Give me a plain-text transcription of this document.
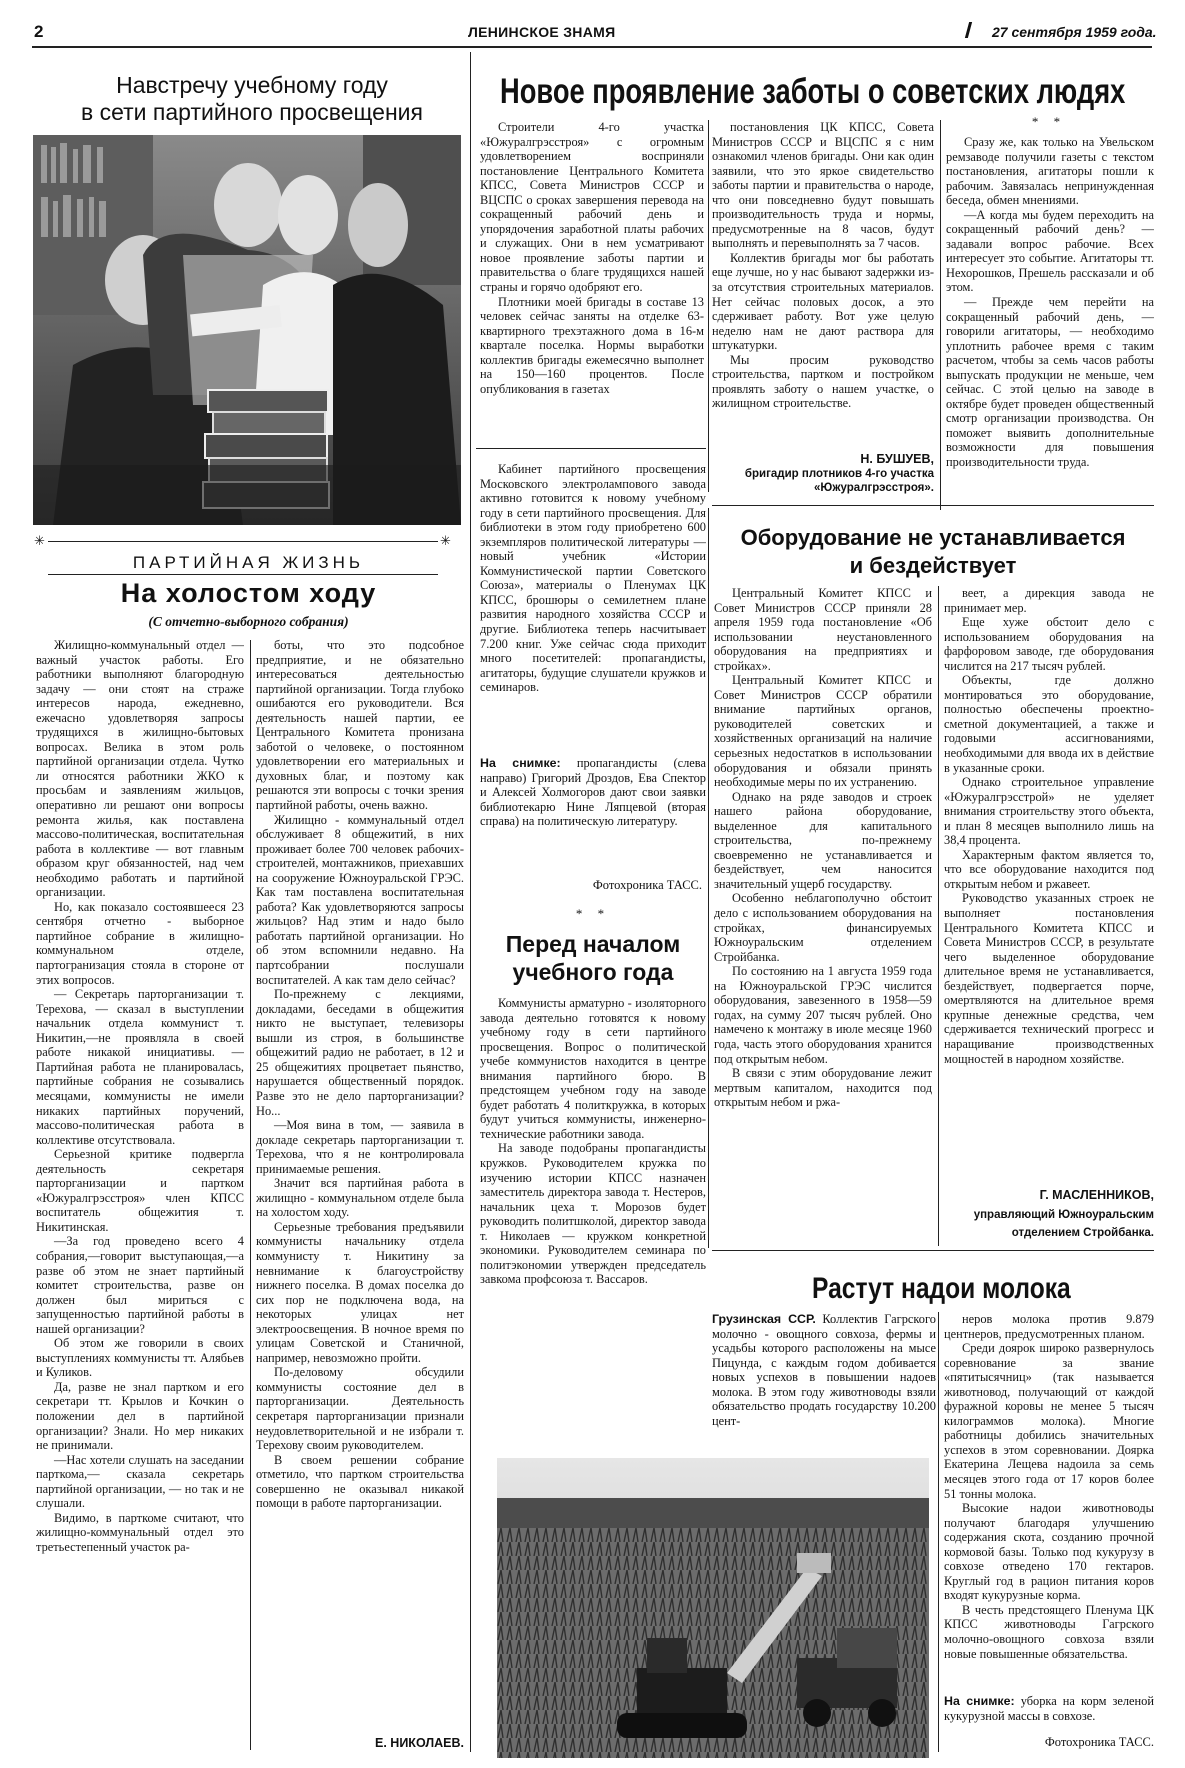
2	ЛЕНИНСКОЕ ЗНАМЯ	27 сентября 1959 года.
Навстречу учебному году
в сети партийного просвещения
✳	✳
ПАРТИЙНАЯ ЖИЗНЬ
На холостом ходу
(С отчетно-выборного собрания)

Жилищно-коммунальный отдел — важный участок работы. Его работники выполняют благородную задачу — они стоят на страже интересов народа, ежедневно, ежечасно удовлетворяя запросы трудящихся в жилищно-бытовых вопросах. Велика в этом роль партийной организации отдела. Чутко ли относятся работники ЖКО к просьбам и заявлениям жильцов, оперативно ли решают они вопросы ремонта жилья, как поставлена массово-политическая, воспитательная работа в коллективе — вот главным образом круг обязанностей, над чем необходимо работать и партийной организации.

Но, как показало состоявшееся 23 сентября отчетно - выборное партийное собрание в жилищно-коммунальном отделе, партогранизация стояла в стороне от этих вопросов.

— Секретарь парторганизации т. Терехова, — сказал в выступлении начальник отдела коммунист т. Никитин,—не проявляла в своей работе никакой инициативы. — Партийная работа не планировалась, партийные собрания не созывались месяцами, коммунисты не имели никаких партийных поручений, массово-политическая работа в коллективе отсутствовала.

Серьезной критике подвергла деятельность секретаря парторганизации и партком «Южуралгрэсстроя» член КПСС воспитатель общежития т. Никитинская.

—За год проведено всего 4 собрания,—говорит выступающая,—а разве об этом не знает партийный комитет строительства, разве он должен был мириться с запущенностью партийной работы в нашей организации?

Об этом же говорили в своих выступлениях коммунисты тт. Алябьев и Куликов.

Да, разве не знал партком и его секретари тт. Крылов и Кочкин о положении дел в партийной организации? Знали. Но мер никаких не принимали.

—Нас хотели слушать на заседании парткома,— сказала секретарь партийной организации, — но так и не слушали.

Видимо, в парткоме считают, что жилищно-коммунальный отдел это третьестепенный участок ра-

боты, что это подсобное предприятие, и не обязательно интересоваться деятельностью партийной организации. Тогда глубоко ошибаются его руководители. Вся деятельность нашей партии, ее Центрального Комитета пронизана заботой о человеке, о постоянном удовлетворении его материальных и духовных благ, и поэтому как решаются эти вопросы с точки зрения партийной работы, очень важно.

Жилищно - коммунальный отдел обслуживает 8 общежитий, в них проживает более 700 человек рабочих-строителей, монтажников, приехавших на сооружение Южноуральской ГРЭС. Как там поставлена воспитательная работа? Как удовлетворяются запросы жильцов? Над этим и надо было работать партийной организации. Но об этом вспомнили недавно. На партсобрании послушали воспитателей. А как там дело сейчас?

По-прежнему с лекциями, докладами, беседами в общежития никто не выступает, телевизоры вышли из строя, в большинстве общежитий радио не работает, в 12 и 25 общежитиях процветает пьянство, нарушается общественный порядок. Разве это не дело парторганизации? Но...

—Моя вина в том, — заявила в докладе секретарь парторганизации т. Терехова, что я не контролировала принимаемые решения.

Значит вся партийная работа в жилищно - коммунальном отделе была на холостом ходу.

Серьезные требования предъявили коммунисты начальнику отдела коммунисту т. Никитину за невнимание к благоустройству нижнего поселка. В домах поселка до сих пор не подключена вода, на некоторых улицах нет электроосвещения. В ночное время по улицам Советской и Станичной, например, невозможно пройти.

По-деловому обсудили коммунисты состояние дел в парторганизации. Деятельность секретаря парторганизации признали неудовлетворительной и не избрали т. Терехову своим руководителем.

В своем решении собрание отметило, что партком строительства совершенно не оказывал никакой помощи в работе парторганизации.

Е. НИКОЛАЕВ.
Новое проявление заботы о советских людях

Строители 4-го участка «Южуралгрэсстроя» с огромным удовлетворением восприняли постановление Центрального Комитета КПСС, Совета Министров СССР и ВЦСПС о сроках завершения перевода на сокращенный рабочий день и упорядочения заработной платы рабочих и служащих. Они в нем усматривают новое проявление заботы партии и правительства о благе трудящихся нашей страны и горячо одобряют его.

Плотники моей бригады в составе 13 человек сейчас заняты на отделке 63-квартирного трехэтажного дома в 16-м квартале поселка. Нормы выработки коллектив бригады ежемесячно выполнет на 150—160 процентов. После опубликования в газетах

постановления ЦК КПСС, Совета Министров СССР и ВЦСПС я с ним ознакомил членов бригады. Они как один заявили, что это яркое свидетельство заботы партии и правительства о народе, что они повседневно будут повышать производительность труда и нормы, предусмотренные на 8 часов, будут выполнять и перевыполнять за 7 часов.

Коллектив бригады мог бы работать еще лучше, но у нас бывают задержки из-за отсутствия строительных материалов. Нет сейчас половых досок, а это сдерживает работу. Вот уже целую неделю нам не дают раствора для штукатурки.

Мы просим руководство строительства, партком и постройком проявлять заботу о нашем участке, о жилищном строительстве.

Н. БУШУЕВ,
бригадир плотников 4-го участка «Южуралгрэсстроя».
* *

Сразу же, как только на Увельском ремзаводе получили газеты с текстом постановления, агитаторы пошли к рабочим. Завязалась непринужденная беседа, обмен мнениями.

—А когда мы будем переходить на сокращенный рабочий день? — задавали вопрос рабочие. Всех интересует это событие. Агитаторы тт. Нехорошков, Прешель рассказали и об этом.

— Прежде чем перейти на сокращенный рабочий день, — говорили агитаторы, — необходимо уплотнить рабочее время с таким расчетом, чтобы за семь часов работы выпускать продукции не меньше, чем сейчас. С этой целью на заводе в октябре будет проведен общественный смотр организации производства. Он поможет выявить дополнительные возможности для повышения производительности труда.

Кабинет партийного просвещения Московского электролампового завода активно готовится к новому учебному году в сети партийного просвещения. Для библиотеки в этом году приобретено 600 экземпляров политической литературы — новый учебник «Истории Коммунистической партии Советского Союза», материалы о Пленумах ЦК КПСС, брошюры о семилетнем плане развития народного хозяйства СССР и другие. Библиотека теперь насчитывает 7.200 книг. Уже сейчас сюда приходит много посетителей: пропагандисты, агитаторы, будущие слушатели кружков и семинаров.

На снимке: пропагандисты (слева направо) Григорий Дроздов, Ева Спектор и Алексей Холмогоров дают свои заявки библиотекарю Нине Ляпцевой (вторая справа) на политическую литературу.
Фотохроника ТАСС.
* *
Перед началом
учебного года

Коммунисты арматурно - изоляторного завода деятельно готовятся к новому учебному году в сети партийного просвещения. Вопрос о политической учебе коммунистов находится в центре внимания партийного бюро. В предстоящем учебном году на заводе будет работать 4 политкружка, в которых будут учиться коммунисты, инженерно-технические работники завода.

На заводе подобраны пропагандисты кружков. Руководителем кружка по изучению истории КПСС назначен заместитель директора завода т. Нестеров, начальник цеха т. Морозов будет руководить политшколой, директор завода т. Николаев — кружком конкретной экономики. Руководителем семинара по политэкономии утвержден председатель завкома профсоюза т. Вассаров.

Оборудование не устанавливается
и бездействует

Центральный Комитет КПСС и Совет Министров СССР приняли 28 апреля 1959 года постановление «Об использовании неустановленного оборудования на предприятиях и стройках».

Центральный Комитет КПСС и Совет Министров СССР обратили внимание партийных органов, руководителей советских и хозяйственных организаций на наличие серьезных недостатков в использовании оборудования и обязали принять необходимые меры по их устранению.

Однако на ряде заводов и строек нашего района оборудование, выделенное для капитального строительства, по-прежнему своевременно не устанавливается и бездействует, чем наносится значительный ущерб государству.

Особенно неблагополучно обстоит дело с использованием оборудования на стройках, финансируемых Южноуральским отделением Стройбанка.

По состоянию на 1 августа 1959 года на Южноуральской ГРЭС числится оборудования, завезенного в 1958—59 годах, на сумму 207 тысяч рублей. Оно намечено к монтажу в июле месяце 1960 года, часть этого оборудования хранится под открытым небом.

В связи с этим оборудование лежит мертвым капиталом, находится под открытым небом и ржа-

веет, а дирекция завода не принимает мер.

Еще хуже обстоит дело с использованием оборудования на фарфоровом заводе, где оборудования числится на 217 тысяч рублей.

Объекты, где должно монтироваться это оборудование, полностью обеспечены проектно-сметной документацией, а также и годовыми ассигнованиями, необходимыми для ввода их в действие в указанные сроки.

Однако строительное управление «Южуралгрэсстрой» не уделяет внимания строительству этого объекта, и план 8 месяцев выполнило лишь на 38,4 процента.

Характерным фактом является то, что все оборудование находится под открытым небом и ржавеет.

Руководство указанных строек не выполняет постановления Центрального Комитета КПСС и Совета Министров СССР, в результате чего выделенное оборудование длительное время не устанавливается, бездействует, подвергается порче, омертвляются на длительное время крупные денежные средства, чем сдерживается технический прогресс и наращивание производственных мощностей в народном хозяйстве.

Г. МАСЛЕННИКОВ,
управляющий Южноуральским
отделением Стройбанка.
Растут надои молока
Грузинская ССР. Коллектив Гагрского молочно - овощного совхоза, фермы и усадьбы которого расположены на мысе Пицунда, с каждым годом добивается новых успехов в повышении надоев молока. В этом году животноводы взяли обязательство продать государству 10.200 цент-

неров молока против 9.879 центнеров, предусмотренных планом.

Среди доярок широко развернулось соревнование за звание «пятитысячниц» (так называется животновод, получающий от каждой фуражной коровы не менее 5 тысяч килограммов молока). Многие работницы добились значительных успехов в этом соревновании. Доярка Екатерина Лещева надоила за семь месяцев этого года от 17 коров более 51 тонны молока.

Высокие надои животноводы получают благодаря улучшению содержания скота, созданию прочной кормовой базы. Только под кукурузу в совхозе отведено 170 гектаров. Круглый год в рацион питания коров входят кукурузные корма.

В честь предстоящего Пленума ЦК КПСС животноводы Гагрского молочно-овощного совхоза взяли новые повышенные обязательства.

На снимке: уборка на корм зеленой кукурузной массы в совхозе.
Фотохроника ТАСС.
